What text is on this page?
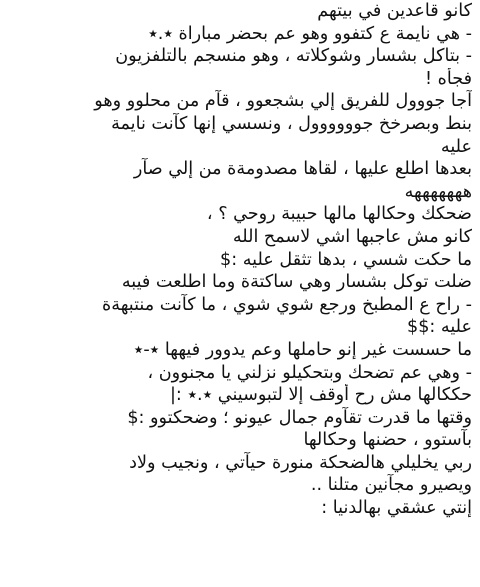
كانو قاعدين في بيتهم
- هي نايمة ع كتفوو وهو عم بحضر مباراة ٭.٭
- بتاكل بشسار وشوكلاته ، وهو منسجم بالتلفزيون
فجأه !
آجا جووول للفريق إلي بشجعوو ، قآم من محلوو وهو
بنط وبصرخخ جوووووول ، ونسسي إنها كآنت نايمة
عليه
بعدها اطلع عليها ، لقاها مصدومةة من إلي صآر
هههههههه
ضحكك وحكالها مالها حبيبة روحي ؟ ،
كانو مش عاجبها اشي لاسمح الله
ما حكت شسي ، بدها تثقل عليه :$
ضلت توكل بشسار وهي ساكتةة وما اطلعت فيبه
- راح ع المطبخ ورجع شوي شوي ، ما كآنت منتبهةة
عليه :$$
ما حسست غير إنو حاملها وعم يدوور فيهها ٭-٭
- وهي عم تضحك وبتحكيلو نزلني يا مجنوون ،
حككالها مش رح أوقف إلا لتبوسيني ٭.٭ :|
وقتها ما قدرت تقآوم جمال عيونو ؛ وضحكتوو :$
بآستوو ، حضنها وحكالها
ربي يخليلي هالضحكة منورة حيآتي ، ونجيب ولاد
ويصيرو مجآنين متلنا ..
إنتي عشقي بهالدنيا :
